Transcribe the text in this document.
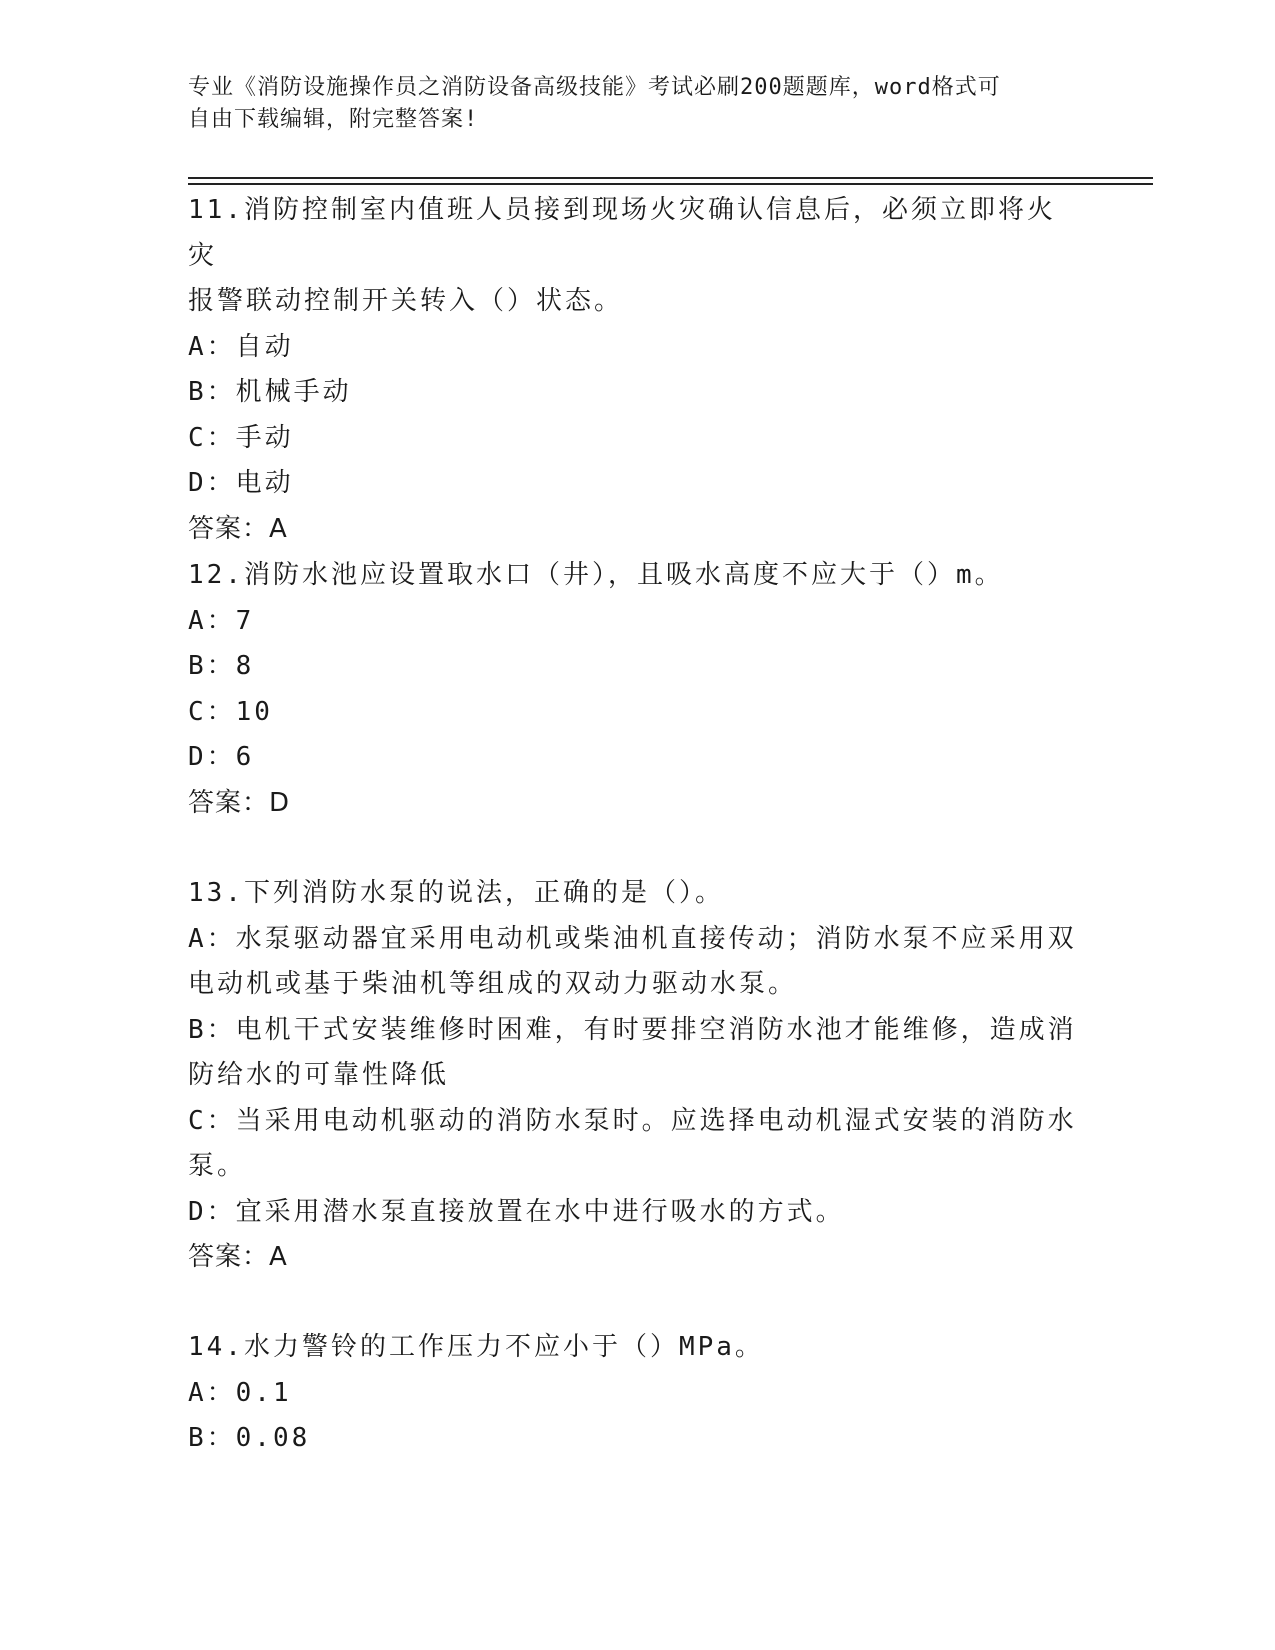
专业《消防设施操作员之消防设备高级技能》考试必刷200题题库，word格式可
自由下载编辑，附完整答案!
11.消防控制室内值班人员接到现场火灾确认信息后，必须立即将火灾
报警联动控制开关转入（）状态。
A：自动
B：机械手动
C：手动
D：电动
答案：A
12.消防水池应设置取水口（井），且吸水高度不应大于（）m。
A：7
B：8
C：10
D：6
答案：D
13.下列消防水泵的说法，正确的是（）。
A：水泵驱动器宜采用电动机或柴油机直接传动；消防水泵不应采用双
电动机或基于柴油机等组成的双动力驱动水泵。
B：电机干式安装维修时困难，有时要排空消防水池才能维修，造成消
防给水的可靠性降低
C：当采用电动机驱动的消防水泵时。应选择电动机湿式安装的消防水
泵。
D：宜采用潜水泵直接放置在水中进行吸水的方式。
答案：A
14.水力警铃的工作压力不应小于（）MPa。
A：0.1
B：0.08
